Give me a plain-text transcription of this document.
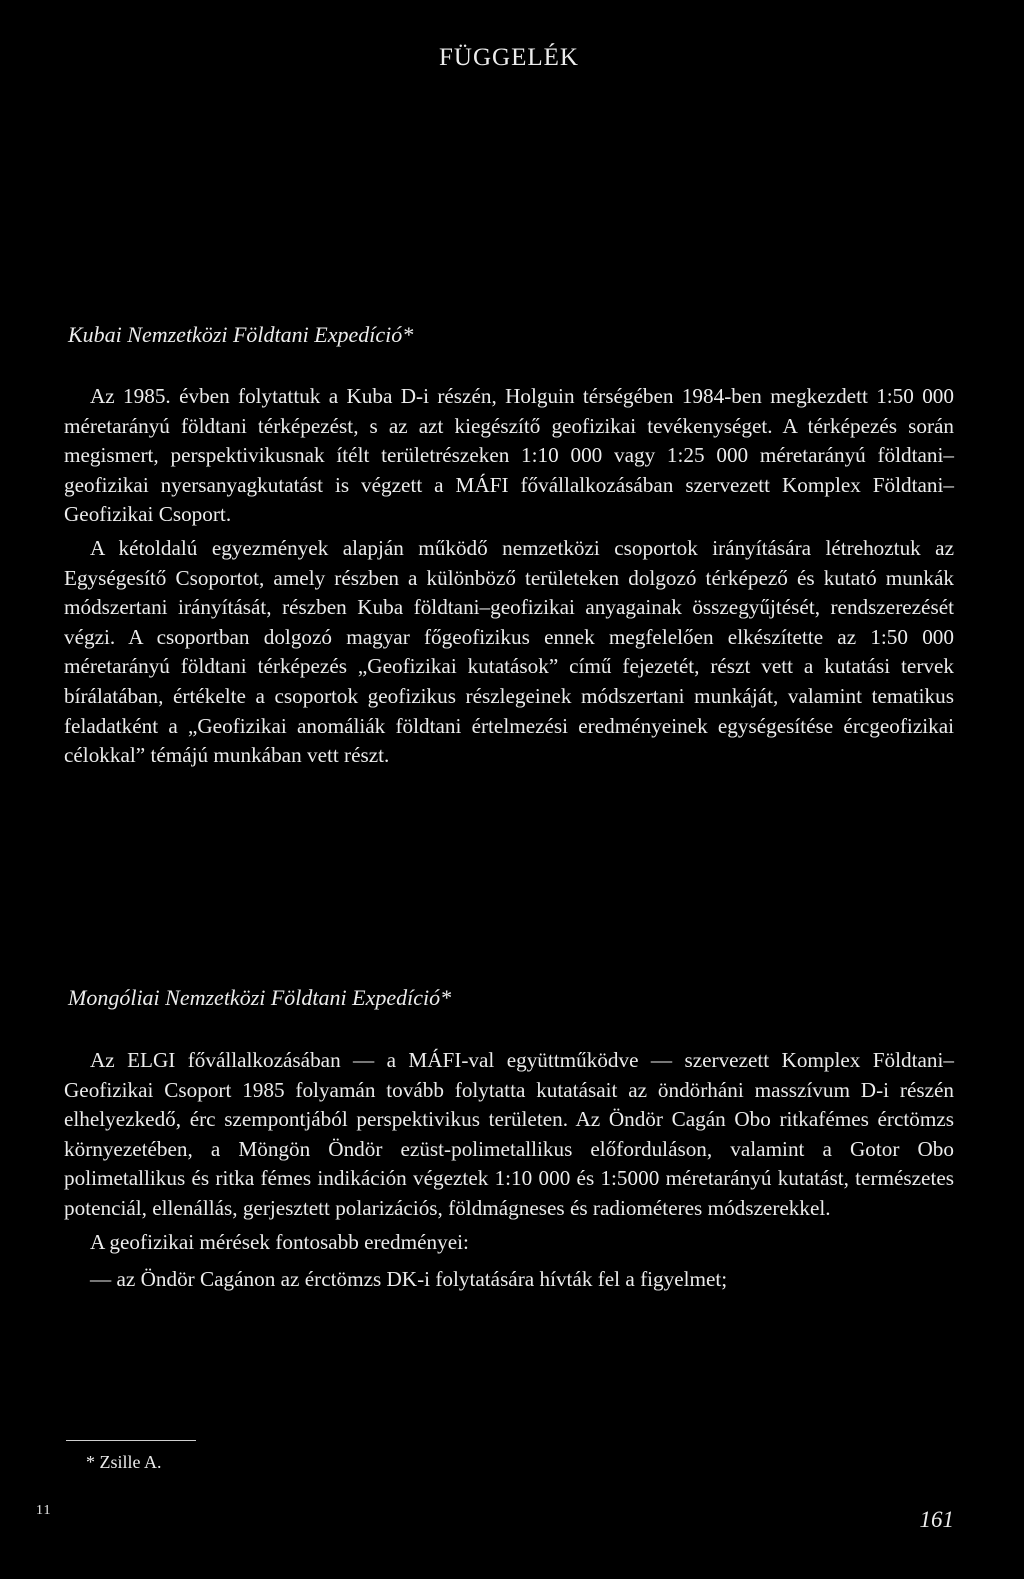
FÜGGELÉK
Kubai Nemzetközi Földtani Expedíció*

Az 1985. évben folytattuk a Kuba D-i részén, Holguin térségében 1984-ben megkezdett 1:50 000 méretarányú földtani térképezést, s az azt kiegészítő geofizikai tevékenységet. A térképezés során megismert, perspektivikusnak ítélt területrészeken 1:10 000 vagy 1:25 000 méretarányú földtani–geofizikai nyersanyagkutatást is végzett a MÁFI fővállalkozásában szervezett Komplex Földtani–Geofizikai Csoport.

A kétoldalú egyezmények alapján működő nemzetközi csoportok irányítására létrehoztuk az Egységesítő Csoportot, amely részben a különböző területeken dolgozó térképező és kutató munkák módszertani irányítását, részben Kuba földtani–geofizikai anyagainak összegyűjtését, rendszerezését végzi. A csoportban dolgozó magyar főgeofizikus ennek megfelelően elkészítette az 1:50 000 méretarányú földtani térképezés „Geofizikai kutatások” című fejezetét, részt vett a kutatási tervek bírálatában, értékelte a csoportok geofizikus részlegeinek módszertani munkáját, valamint tematikus feladatként a „Geofizikai anomáliák földtani értelmezési eredményeinek egységesítése ércgeofizikai célokkal” témájú munkában vett részt.

Mongóliai Nemzetközi Földtani Expedíció*

Az ELGI fővállalkozásában — a MÁFI-val együttműködve — szervezett Komplex Földtani–Geofizikai Csoport 1985 folyamán tovább folytatta kutatásait az öndörháni masszívum D-i részén elhelyezkedő, érc szempontjából perspektivikus területen. Az Öndör Cagán Obo ritkafémes érctömzs környezetében, a Möngön Öndör ezüst-polimetallikus előforduláson, valamint a Gotor Obo polimetallikus és ritka fémes indikáción végeztek 1:10 000 és 1:5000 méretarányú kutatást, természetes potenciál, ellenállás, gerjesztett polarizációs, földmágneses és radiométeres módszerekkel.

A geofizikai mérések fontosabb eredményei:

— az Öndör Cagánon az érctömzs DK-i folytatására hívták fel a figyelmet;

* Zsille A.
11	161
